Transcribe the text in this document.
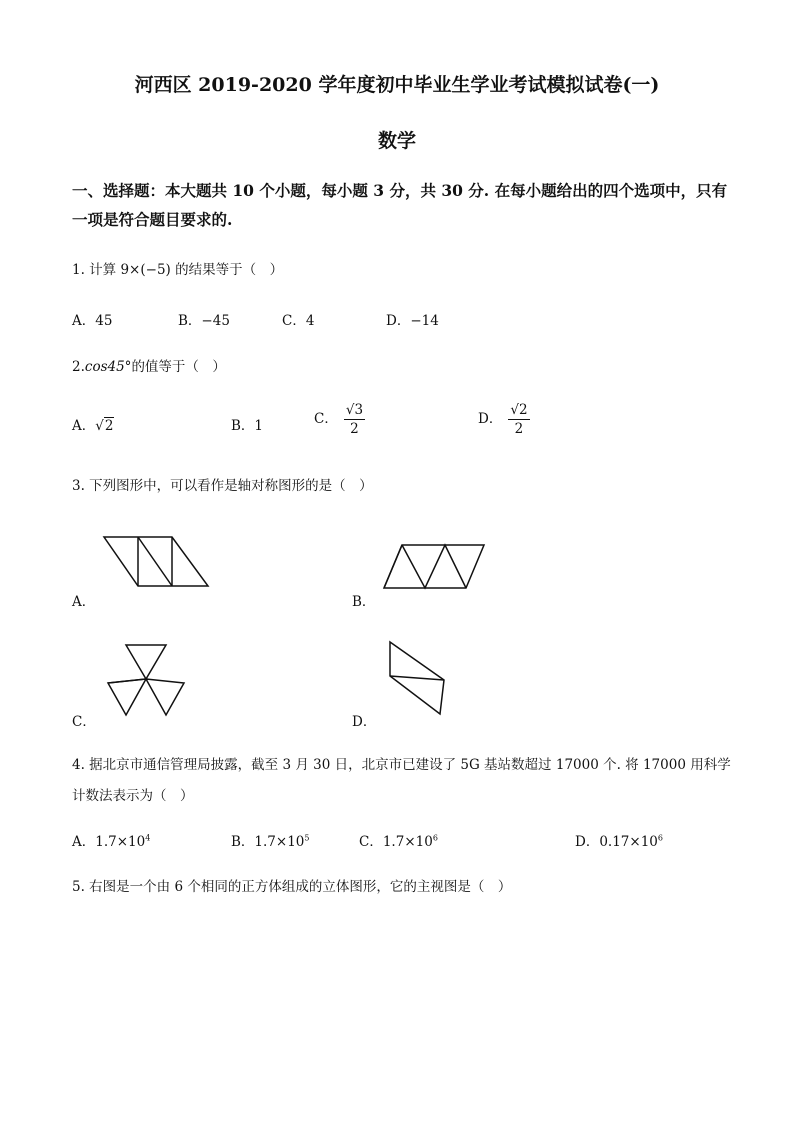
河西区 2019-2020 学年度初中毕业生学业考试模拟试卷(一)
数学
一、选择题：本大题共 10 个小题，每小题 3 分，共 30 分. 在每小题给出的四个选项中，只有一项是符合题目要求的.
1. 计算 9×(−5) 的结果等于（　）
A．45	B．−45	C．4	D．−14
2.cos45°的值等于（　）
A．√2	B．1	C． $\frac{√3}{2}$	D． $\frac{√2}{2}$
3. 下列图形中，可以看作是轴对称图形的是（　）
A．	B．
C．	D．
4. 据北京市通信管理局披露，截至 3 月 30 日，北京市已建设了 5G 基站数超过 17000 个. 将 17000 用科学
计数法表示为（　）
A．$1.7\times 10^4$	B．$1.7\times 10^5$	C．$1.7\times 10^6$	D．$0.17\times 10^6$
5. 右图是一个由 6 个相同的正方体组成的立体图形，它的主视图是（　）
